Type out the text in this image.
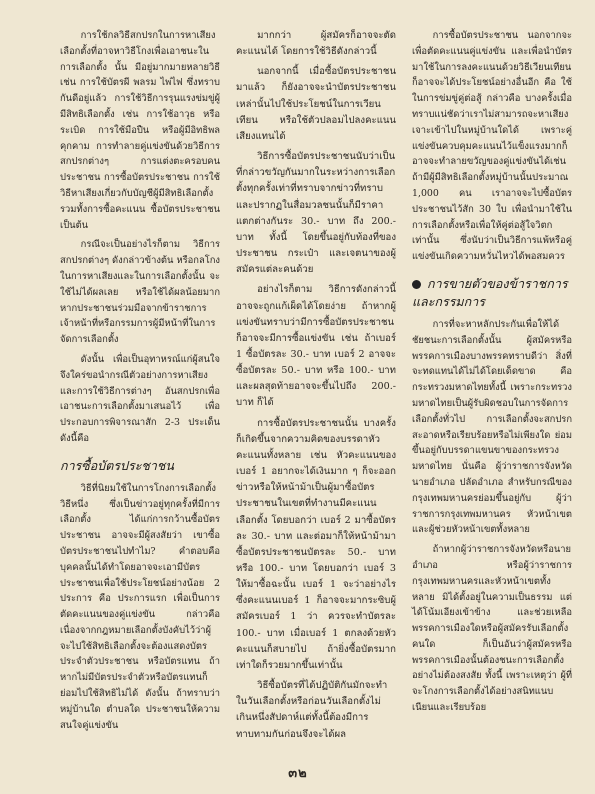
การใช้กลวิธีสกปรกในการหาเสียง เลือกตั้งที่อาจหาวิธีโกงเพื่อเอาชนะในการเลือกตั้ง นั้น มีอยู่มากมายหลายวิธี เช่น การใช้บัตรผี พลรม ไพ่ไฟ ซึ่งทราบกันดีอยู่แล้ว การใช้วิธีการรุนแรงข่มขู่ผู้มีสิทธิเลือกตั้ง เช่น การใช้อาวุธ หรือระเบิด การใช้มือปืน หรือผู้มีอิทธิพลคุกคาม การทำลายคู่แข่งขันด้วยวิธีการสกปรกต่างๆ การแต่งตะครอบคนประชาชน การซื้อบัตรประชาชน การใช้วิธีหาเสียงเกี่ยวกับบัญชีผู้มีสิทธิเลือกตั้ง รวมทั้งการซื้อคะแนน ซื้อบัตรประชาชน เป็นต้น

กรณีจะเป็นอย่างไรก็ตาม วิธีการสกปรกต่างๆ ดังกล่าวข้างต้น หรือกลโกงในการหาเสียงและในการเลือกตั้งนั้น จะใช้ไม่ได้ผลเลย หรือใช้ได้ผลน้อยมาก หากประชาชนร่วมมือจากข้าราชการ เจ้าหน้าที่หรือกรรมการผู้มีหน้าที่ในการจัดการเลือกตั้ง

ดังนั้น เพื่อเป็นอุทาหรณ์แก่ผู้สนใจ จึงใคร่ขอนำกรณีตัวอย่างการหาเสียงและการใช้วิธีการต่างๆ อันสกปรกเพื่อเอาชนะการเลือกตั้งมาเสนอไว้ เพื่อประกอบการพิจารณาสัก 2-3 ประเด็น ดังนี้คือ

การซื้อบัตรประชาชน

วิธีที่นิยมใช้ในการโกงการเลือกตั้งวิธีหนึ่ง ซึ่งเป็นข่าวอยู่ทุกครั้งที่มีการเลือกตั้ง ได้แก่การกว้านซื้อบัตรประชาชน อาจจะมีผู้สงสัยว่า เขาซื้อบัตรประชาชนไปทำไม? คำตอบคือบุคคลนั้นได้ทำโดยอาจจะเอามีบัตรประชาชนเพื่อใช้ประโยชน์อย่างน้อย 2 ประการ คือ ประการแรก เพื่อเป็นการตัดคะแนนของคู่แข่งขัน กล่าวคือ เนื่องจากกฎหมายเลือกตั้งบังคับไว้ว่าผู้จะไปใช้สิทธิเลือกตั้งจะต้องแสดงบัตรประจำตัวประชาชน หรือบัตรแทน ถ้าหากไม่มีบัตรประจำตัวหรือบัตรแทนก็ย่อมไปใช้สิทธิไม่ได้ ดังนั้น ถ้าทราบว่าหมู่บ้านใด ตำบลใด ประชาชนให้ความสนใจคู่แข่งขัน

มากกว่า ผู้สมัครก็อาจจะตัดคะแนนได้ โดยการใช้วิธีดังกล่าวนี้

นอกจากนี้ เมื่อซื้อบัตรประชาชนมาแล้ว ก็ยังอาจจะนำบัตรประชาชนเหล่านั้นไปใช้ประโยชน์ในการเวียนเทียน หรือใช้ตัวปลอมไปลงคะแนนเสียงแทนได้

วิธีการซื้อบัตรประชาชนนับว่าเป็นที่กล่าวขวัญกันมากในระหว่างการเลือกตั้งทุกครั้งเท่าที่ทราบจากข่าวที่ทราบและปรากฏในสื่อมวลชนนั้นก็มีราคาแตกต่างกันระ 30.- บาท ถึง 200.- บาท ทั้งนี้ โดยขึ้นอยู่กับท้องที่ของประชาชน กระเป๋า และเจตนาของผู้สมัครแต่ละคนด้วย

อย่างไรก็ตาม วิธีการดังกล่าวนี้อาจจะถูกแก้เผ็ดได้โดยง่าย ถ้าหากผู้แข่งขันทราบว่ามีการซื้อบัตรประชาชนก็อาจจะมีการซื้อแข่งขัน เช่น ถ้าเบอร์ 1 ซื้อบัตรละ 30.- บาท เบอร์ 2 อาจจะซื้อบัตรละ 50.- บาท หรือ 100.- บาท และผลสุดท้ายอาจจะขึ้นไปถึง 200.- บาท ก็ได้

การซื้อบัตรประชาชนนั้น บางครั้งก็เกิดขึ้นจากความคิดของบรรดาหัวคะแนนทั้งหลาย เช่น หัวคะแนนของเบอร์ 1 อยากจะได้เงินมาก ๆ ก็จะออกข่าวหรือให้หน้าม้าเป็นผู้มาซื้อบัตรประชาชนในเขตที่ทำงานมีคะแนนเลือกตั้ง โดยบอกว่า เบอร์ 2 มาซื้อบัตรละ 30.- บาท และต่อมาก็ให้หน้าม้ามาซื้อบัตรประชาชนบัตรละ 50.- บาท หรือ 100.- บาท โดยบอกว่า เบอร์ 3 ให้มาซื้อฉะนั้น เบอร์ 1 จะว่าอย่างไร ซึ่งคะแนนเบอร์ 1 ก็อาจจะมากระซิบผู้สมัครเบอร์ 1 ว่า ควรจะทำบัตรละ 100.- บาท เมื่อเบอร์ 1 ตกลงด้วยหัวคะแนนก็สบายไป ถ้ายิ่งซื้อบัตรมากเท่าใดก็รวยมากขึ้นเท่านั้น

วิธีซื้อบัตรที่ได้ปฏิบัติกันมักจะทำในวันเลือกตั้งหรือก่อนวันเลือกตั้งไม่เกินหนึ่งสัปดาห์แต่ทั้งนี้ต้องมีการทาบทามกันก่อนจึงจะได้ผล

การซื้อบัตรประชาชน นอกจากจะเพื่อตัดคะแนนคู่แข่งขัน และเพื่อนำบัตรมาใช้ในการลงคะแนนด้วยวิธีเวียนเทียน ก็อาจจะได้ประโยชน์อย่างอื่นอีก คือ ใช้ในการข่มขู่คู่ต่อสู้ กล่าวคือ บางครั้งเมื่อทราบแน่ชัดว่าเราไม่สามารถจะหาเสียงเจาะเข้าไปในหมู่บ้านใดได้ เพราะคู่แข่งขันควบคุมคะแนนไว้แข็งแรงมากก็อาจจะทำลายขวัญของคู่แข่งขันได้เช่นถ้ามีผู้มีสิทธิเลือกตั้งหมู่บ้านนั้นประมาณ 1,000 คน เราอาจจะไปซื้อบัตรประชาชนไว้สัก 30 ใบ เพื่อนำมาใช้ในการเลือกตั้งหรือเพื่อให้คู่ต่อสู้ใจวิตกเท่านั้น ซึ่งนับว่าเป็นวิธีการแพ้หรือคู่แข่งขันเกิดความหวั่นไหวได้พอสมควร

การขายตัวของข้าราชการและกรรมการ

การที่จะหาหลักประกันเพื่อให้ได้ชัยชนะการเลือกตั้งนั้น ผู้สมัครหรือพรรคการเมืองบางพรรคทราบดีว่า สิ่งที่จะทดแทนได้ไม่ได้โดยเด็ดขาด คือ กระทรวงมหาดไทยทั้งนี้ เพราะกระทรวงมหาดไทยเป็นผู้รับผิดชอบในการจัดการเลือกตั้งทั่วไป การเลือกตั้งจะสกปรก สะอาดหรือเรียบร้อยหรือไม่เพียงใด ย่อมขึ้นอยู่กับบรรดาแขนขาของกระทรวงมหาดไทย นั่นคือ ผู้ว่าราชการจังหวัด นายอำเภอ ปลัดอำเภอ สำหรับกรณีของกรุงเทพมหานครย่อมขึ้นอยู่กับ ผู้ว่าราชการกรุงเทพมหานคร หัวหน้าเขต และผู้ช่วยหัวหน้าเขตทั้งหลาย

ถ้าหากผู้ว่าราชการจังหวัดหรือนายอำเภอ หรือผู้ว่าราชการกรุงเทพมหานครและหัวหน้าเขตทั้งหลาย มิได้ตั้งอยู่ในความเป็นธรรม แต่ได้โน้มเอียงเข้าข้าง และช่วยเหลือพรรคการเมืองใดหรือผู้สมัครรับเลือกตั้งคนใด ก็เป็นอันว่าผู้สมัครหรือพรรคการเมืองนั้นต้องชนะการเลือกตั้งอย่างไม่ต้องสงสัย ทั้งนี้ เพราะเหตุว่า ผู้ที่จะโกงการเลือกตั้งได้อย่างสนิทแนบเนียนและเรียบร้อย

๓๒
